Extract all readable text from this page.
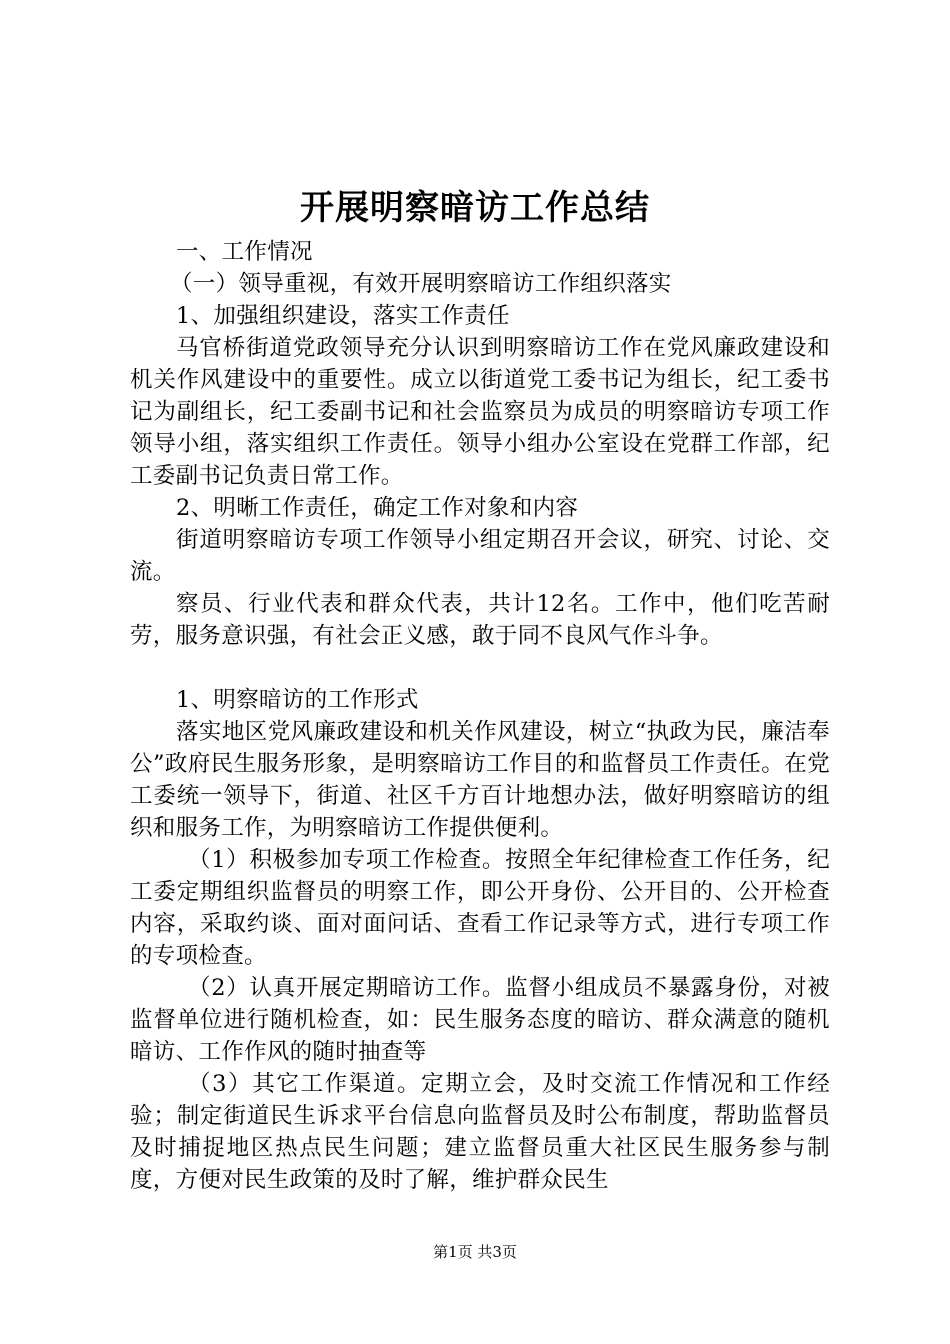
开展明察暗访工作总结

一、工作情况

（一）领导重视，有效开展明察暗访工作组织落实

1、加强组织建设，落实工作责任

马官桥街道党政领导充分认识到明察暗访工作在党风廉政建设和机关作风建设中的重要性。成立以街道党工委书记为组长，纪工委书记为副组长，纪工委副书记和社会监察员为成员的明察暗访专项工作领导小组，落实组织工作责任。领导小组办公室设在党群工作部，纪工委副书记负责日常工作。

2、明晰工作责任，确定工作对象和内容

街道明察暗访专项工作领导小组定期召开会议，研究、讨论、交流。

察员、行业代表和群众代表，共计12名。工作中，他们吃苦耐劳，服务意识强，有社会正义感，敢于同不良风气作斗争。

1、明察暗访的工作形式

落实地区党风廉政建设和机关作风建设，树立“执政为民，廉洁奉公”政府民生服务形象，是明察暗访工作目的和监督员工作责任。在党工委统一领导下，街道、社区千方百计地想办法，做好明察暗访的组织和服务工作，为明察暗访工作提供便利。

（1）积极参加专项工作检查。按照全年纪律检查工作任务，纪工委定期组织监督员的明察工作，即公开身份、公开目的、公开检查内容，采取约谈、面对面问话、查看工作记录等方式，进行专项工作的专项检查。

（2）认真开展定期暗访工作。监督小组成员不暴露身份，对被监督单位进行随机检查，如：民生服务态度的暗访、群众满意的随机暗访、工作作风的随时抽查等

（3）其它工作渠道。定期立会，及时交流工作情况和工作经验；制定街道民生诉求平台信息向监督员及时公布制度，帮助监督员及时捕捉地区热点民生问题；建立监督员重大社区民生服务参与制度，方便对民生政策的及时了解，维护群众民生

第1页 共3页
